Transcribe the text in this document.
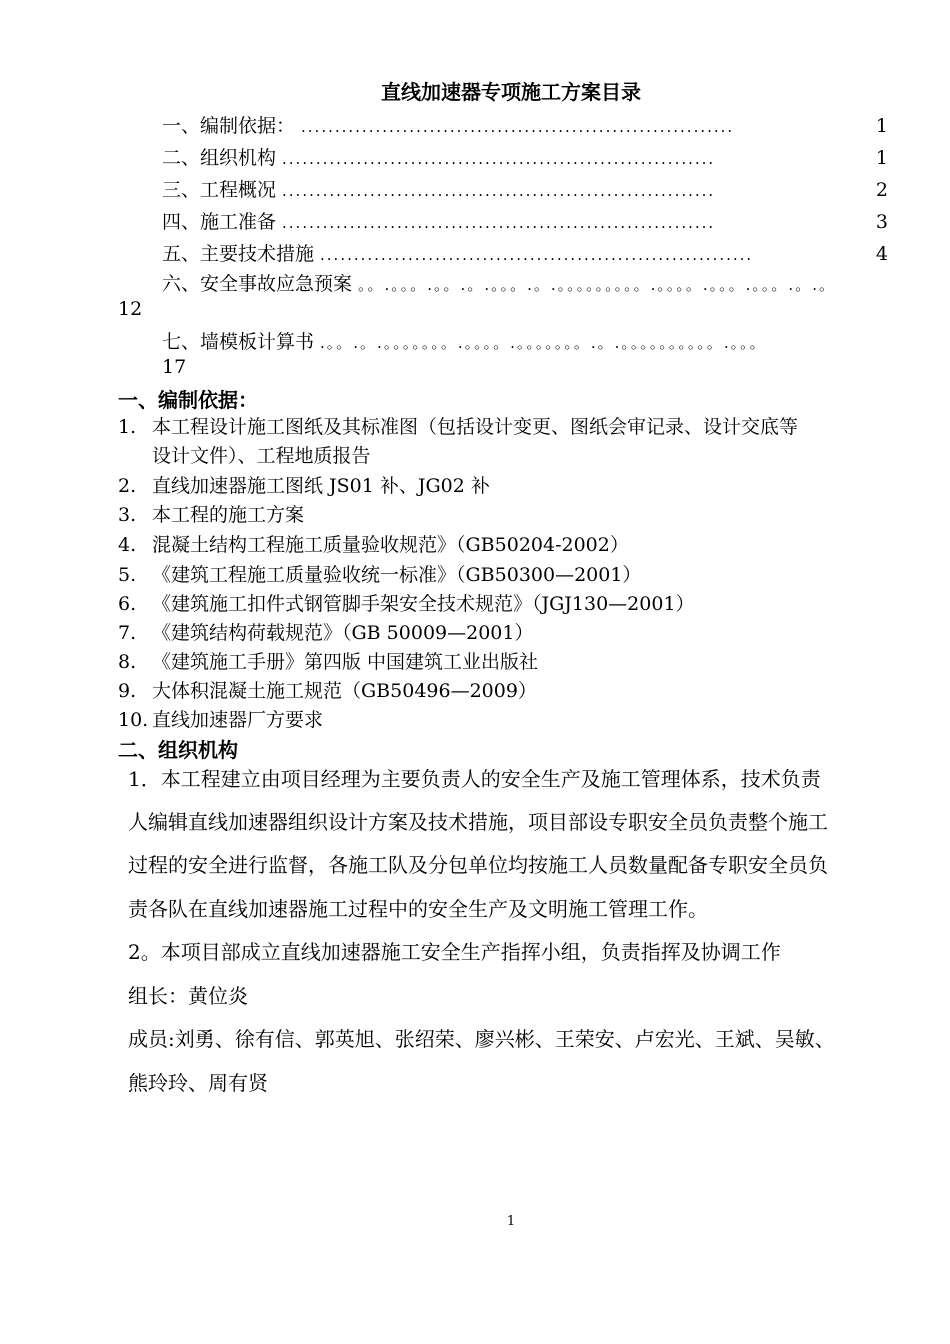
直线加速器专项施工方案目录
一、编制依据： ................................................................	1
二、组织机构 ................................................................	1
三、工程概况 ................................................................	2
四、施工准备 ................................................................	3
五、主要技术措施 ................................................................	4
六、安全事故应急预案 。。.。。。.。。.。.。。。.。.。。。。。。。。。.。。。。.。。。.。。。.。.。
12
七、墙模板计算书 .。。.。.。。。。。。。.。。。。.。。。。。。。.。.。。。。。。。。。。.。。。
17
一、编制依据：
1. 本工程设计施工图纸及其标准图（包括设计变更、图纸会审记录、设计交底等
设计文件）、工程地质报告
2. 直线加速器施工图纸 JS01 补、JG02 补
3. 本工程的施工方案
4. 混凝土结构工程施工质量验收规范》（GB50204-2002）
5. 《建筑工程施工质量验收统一标准》（GB50300—2001）
6. 《建筑施工扣件式钢管脚手架安全技术规范》（JGJ130—2001）
7. 《建筑结构荷载规范》（GB 50009—2001）
8. 《建筑施工手册》第四版 中国建筑工业出版社
9. 大体积混凝土施工规范（GB50496—2009）
10. 直线加速器厂方要求
二、组织机构
1．本工程建立由项目经理为主要负责人的安全生产及施工管理体系，技术负责
人编辑直线加速器组织设计方案及技术措施，项目部设专职安全员负责整个施工
过程的安全进行监督，各施工队及分包单位均按施工人员数量配备专职安全员负
责各队在直线加速器施工过程中的安全生产及文明施工管理工作。
2。本项目部成立直线加速器施工安全生产指挥小组，负责指挥及协调工作
组长：黄位炎
成员:刘勇、徐有信、郭英旭、张绍荣、廖兴彬、王荣安、卢宏光、王斌、吴敏、
熊玲玲、周有贤
1
